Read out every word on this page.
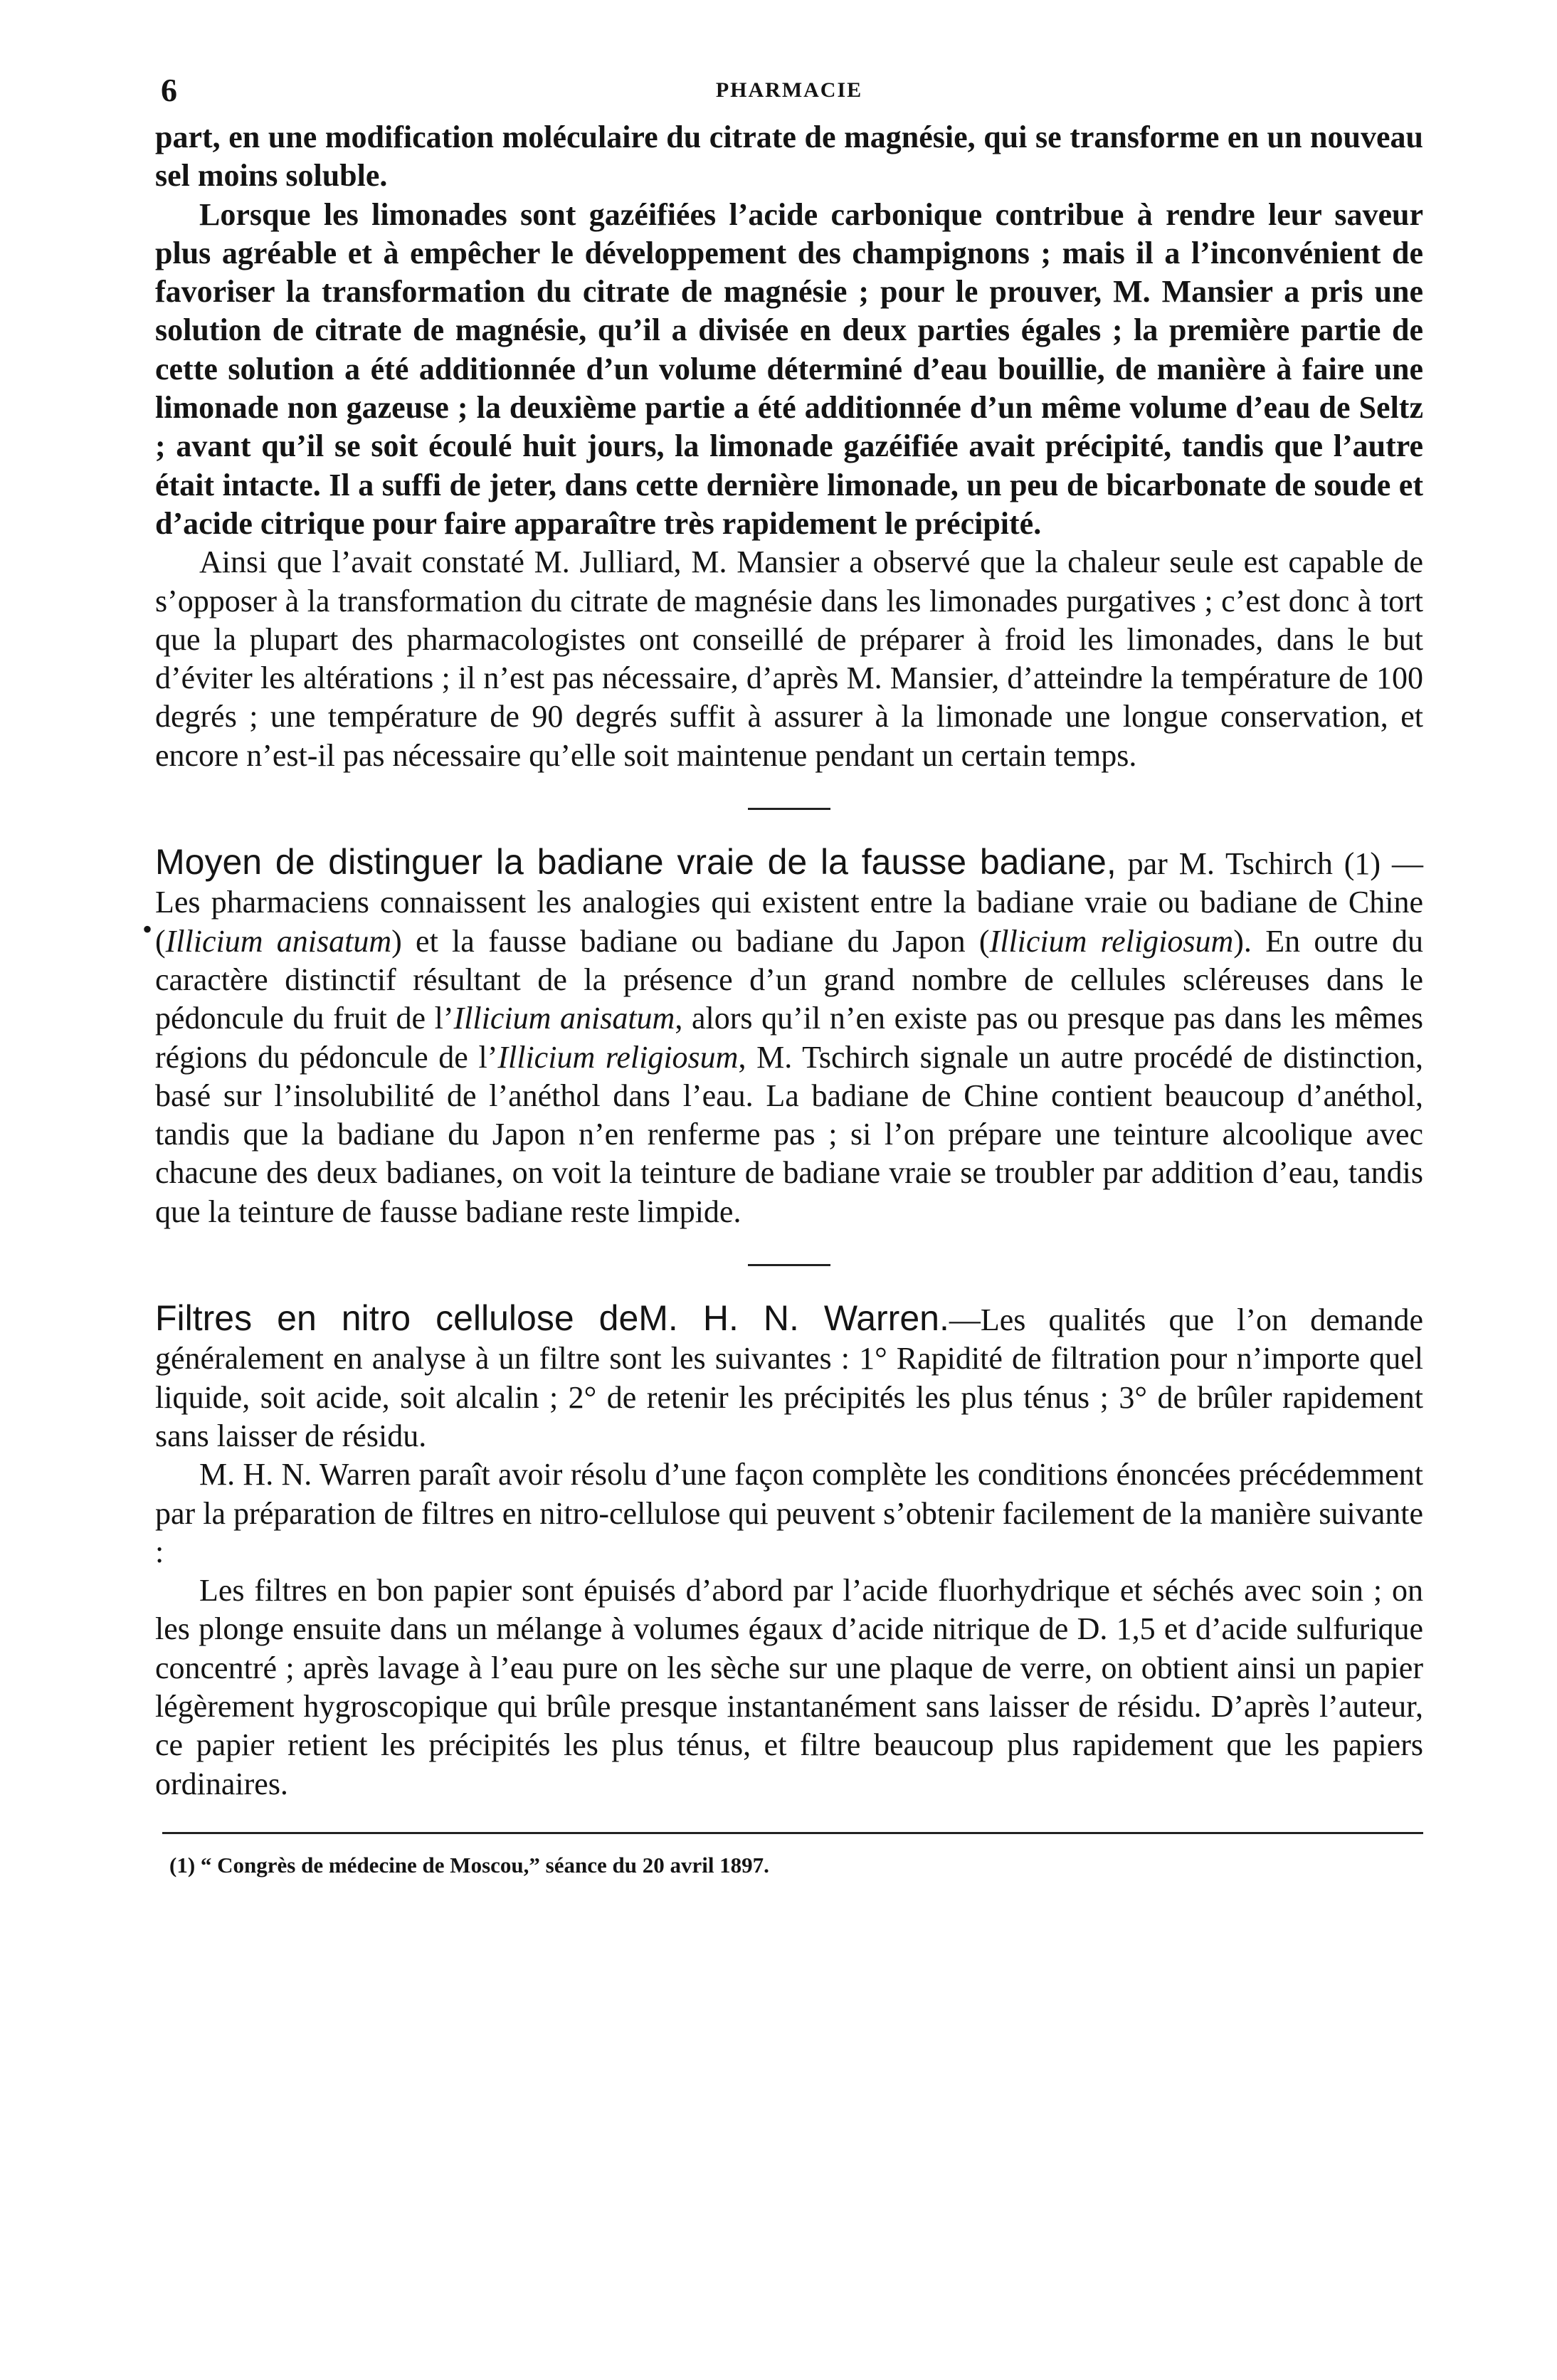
6	PHARMACIE

part, en une modification moléculaire du citrate de magnésie, qui se transforme en un nouveau sel moins soluble.

Lorsque les limonades sont gazéifiées l’acide carbonique contribue à rendre leur saveur plus agréable et à empêcher le développement des champignons ; mais il a l’inconvénient de favoriser la transformation du citrate de magnésie ; pour le prouver, M. Mansier a pris une solution de citrate de magnésie, qu’il a divisée en deux parties égales ; la première partie de cette solution a été additionnée d’un volume déterminé d’eau bouillie, de manière à faire une limonade non gazeuse ; la deuxième partie a été additionnée d’un même volume d’eau de Seltz ; avant qu’il se soit écoulé huit jours, la limonade gazéifiée avait précipité, tandis que l’autre était intacte. Il a suffi de jeter, dans cette dernière limonade, un peu de bicarbonate de soude et d’acide citrique pour faire apparaître très rapidement le précipité.

Ainsi que l’avait constaté M. Julliard, M. Mansier a observé que la chaleur seule est capable de s’opposer à la transformation du citrate de magnésie dans les limonades purgatives ; c’est donc à tort que la plupart des pharmacologistes ont conseillé de préparer à froid les limonades, dans le but d’éviter les altérations ; il n’est pas nécessaire, d’après M. Mansier, d’atteindre la température de 100 degrés ; une température de 90 degrés suffit à assurer à la limonade une longue conservation, et encore n’est-il pas nécessaire qu’elle soit maintenue pendant un certain temps.

Moyen de distinguer la badiane vraie de la fausse badiane, par M. Tschirch (1) — Les pharmaciens connaissent les analogies qui existent entre la badiane vraie ou badiane de Chine (Illicium anisatum) et la fausse badiane ou badiane du Japon (Illicium religiosum). En outre du caractère distinctif résultant de la présence d’un grand nombre de cellules scléreuses dans le pédoncule du fruit de l’Illicium anisatum, alors qu’il n’en existe pas ou presque pas dans les mêmes régions du pédoncule de l’Illicium religiosum, M. Tschirch signale un autre procédé de distinction, basé sur l’insolubilité de l’anéthol dans l’eau. La badiane de Chine contient beaucoup d’anéthol, tandis que la badiane du Japon n’en renferme pas ; si l’on prépare une teinture alcoolique avec chacune des deux badianes, on voit la teinture de badiane vraie se troubler par addition d’eau, tandis que la teinture de fausse badiane reste limpide.

Filtres en nitro cellulose deM. H. N. Warren.—Les qualités que l’on demande généralement en analyse à un filtre sont les suivantes : 1° Rapidité de filtration pour n’importe quel liquide, soit acide, soit alcalin ; 2° de retenir les précipités les plus ténus ; 3° de brûler rapidement sans laisser de résidu.

M. H. N. Warren paraît avoir résolu d’une façon complète les conditions énoncées précédemment par la préparation de filtres en nitro-cellulose qui peuvent s’obtenir facilement de la manière suivante :

Les filtres en bon papier sont épuisés d’abord par l’acide fluorhydrique et séchés avec soin ; on les plonge ensuite dans un mélange à volumes égaux d’acide nitrique de D. 1,5 et d’acide sulfurique concentré ; après lavage à l’eau pure on les sèche sur une plaque de verre, on obtient ainsi un papier légèrement hygroscopique qui brûle presque instantanément sans laisser de résidu. D’après l’auteur, ce papier retient les précipités les plus ténus, et filtre beaucoup plus rapidement que les papiers ordinaires.

(1) “ Congrès de médecine de Moscou,” séance du 20 avril 1897.
•
